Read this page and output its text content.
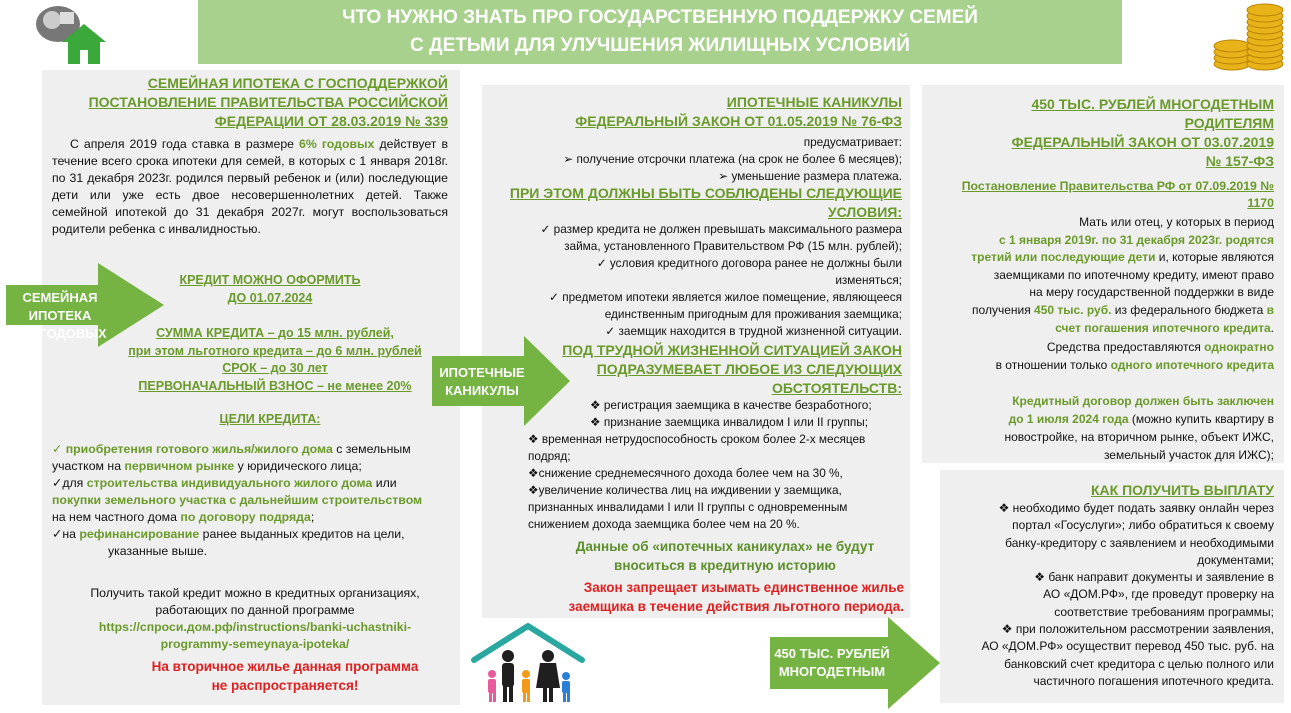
ЧТО НУЖНО ЗНАТЬ ПРО ГОСУДАРСТВЕННУЮ ПОДДЕРЖКУ СЕМЕЙ
С ДЕТЬМИ ДЛЯ УЛУЧШЕНИЯ ЖИЛИЩНЫХ УСЛОВИЙ
СЕМЕЙНАЯ ИПОТЕКА С ГОСПОДДЕРЖКОЙ
ПОСТАНОВЛЕНИЕ ПРАВИТЕЛЬСТВА РОССИЙСКОЙ
ФЕДЕРАЦИИ ОТ 28.03.2019 № 339
С апреля 2019 года ставка в размере 6% годовых действует в течение всего срока ипотеки для семей, в которых с 1 января 2018г. по 31 декабря 2023г. родился первый ребенок и (или) последующие дети или уже есть двое несовершеннолетних детей. Также семейной ипотекой до 31 декабря 2027г. могут воспользоваться родители ребенка с инвалидностью.
СЕМЕЙНАЯ
ИПОТЕКА
6 % ГОДОВЫХ
КРЕДИТ МОЖНО ОФОРМИТЬ
ДО 01.07.2024
СУММА КРЕДИТА – до 15 млн. рублей,
при этом льготного кредита – до 6 млн. рублей
СРОК – до 30 лет
ПЕРВОНАЧАЛЬНЫЙ ВЗНОС – не менее 20%
ЦЕЛИ КРЕДИТА:
✓ приобретения готового жилья/жилого дома с земельным
участком на первичном рынке у юридического лица;
✓для строительства индивидуального жилого дома или
покупки земельного участка с дальнейшим строительством
на нем частного дома по договору подряда;
✓на рефинансирование ранее выданных кредитов на цели,
указанные выше.
Получить такой кредит можно в кредитных организациях,
работающих по данной программе
https://спроси.дом.рф/instructions/banki-uchastniki-
programmy-semeynaya-ipoteka/
На вторичное жилье данная программа
не распространяется!
ИПОТЕЧНЫЕ КАНИКУЛЫ
ФЕДЕРАЛЬНЫЙ ЗАКОН ОТ 01.05.2019 № 76-ФЗ
предусматривает:
➢ получение отсрочки платежа (на срок не более 6 месяцев);
➢ уменьшение размера платежа.
ПРИ ЭТОМ ДОЛЖНЫ БЫТЬ СОБЛЮДЕНЫ СЛЕДУЮЩИЕ
УСЛОВИЯ:
✓ размер кредита не должен превышать максимального размера
займа, установленного Правительством РФ (15 млн. рублей);
✓ условия кредитного договора ранее не должны были
изменяться;
✓ предметом ипотеки является жилое помещение, являющееся
единственным пригодным для проживания заемщика;
✓ заемщик находится в трудной жизненной ситуации.
ПОД ТРУДНОЙ ЖИЗНЕННОЙ СИТУАЦИЕЙ ЗАКОН
ПОДРАЗУМЕВАЕТ ЛЮБОЕ ИЗ СЛЕДУЮЩИХ
ОБСТОЯТЕЛЬСТВ:
ИПОТЕЧНЫЕ
КАНИКУЛЫ
❖ регистрация заемщика в качестве безработного;
❖ признание заемщика инвалидом I или II группы;
❖ временная нетрудоспособность сроком более 2-х месяцев
подряд;
❖снижение среднемесячного дохода более чем на 30 %,
❖увеличение количества лиц на иждивении у заемщика,
признанных инвалидами I или II группы с одновременным
снижением дохода заемщика более чем на 20 %.
Данные об «ипотечных каникулах» не будут
вноситься в кредитную историю
Закон запрещает изымать единственное жилье
заемщика в течение действия льготного периода.
450 ТЫС. РУБЛЕЙ МНОГОДЕТНЫМ
РОДИТЕЛЯМ
ФЕДЕРАЛЬНЫЙ ЗАКОН ОТ 03.07.2019
№ 157-ФЗ
Постановление Правительства РФ от 07.09.2019 №
1170
Мать или отец, у которых в период
с 1 января 2019г. по 31 декабря 2023г. родятся
третий или последующие дети и, которые являются
заемщиками по ипотечному кредиту, имеют право
на меру государственной поддержки в виде
получения 450 тыс. руб. из федерального бюджета в
счет погашения ипотечного кредита.
Средства предоставляются однократно
в отношении только одного ипотечного кредита
Кредитный договор должен быть заключен
до 1 июля 2024 года (можно купить квартиру в
новостройке, на вторичном рынке, объект ИЖС,
земельный участок для ИЖС);
КАК ПОЛУЧИТЬ ВЫПЛАТУ
❖ необходимо будет подать заявку онлайн через
портал «Госуслуги»; либо обратиться к своему
банку-кредитору с заявлением и необходимыми
документами;
❖ банк направит документы и заявление в
АО «ДОМ.РФ», где проведут проверку на
соответствие требованиям программы;
❖ при положительном рассмотрении заявления,
АО «ДОМ.РФ» осуществит перевод 450 тыс. руб. на
банковский счет кредитора с целью полного или
частичного погашения ипотечного кредита.
450 ТЫС. РУБЛЕЙ
МНОГОДЕТНЫМ
